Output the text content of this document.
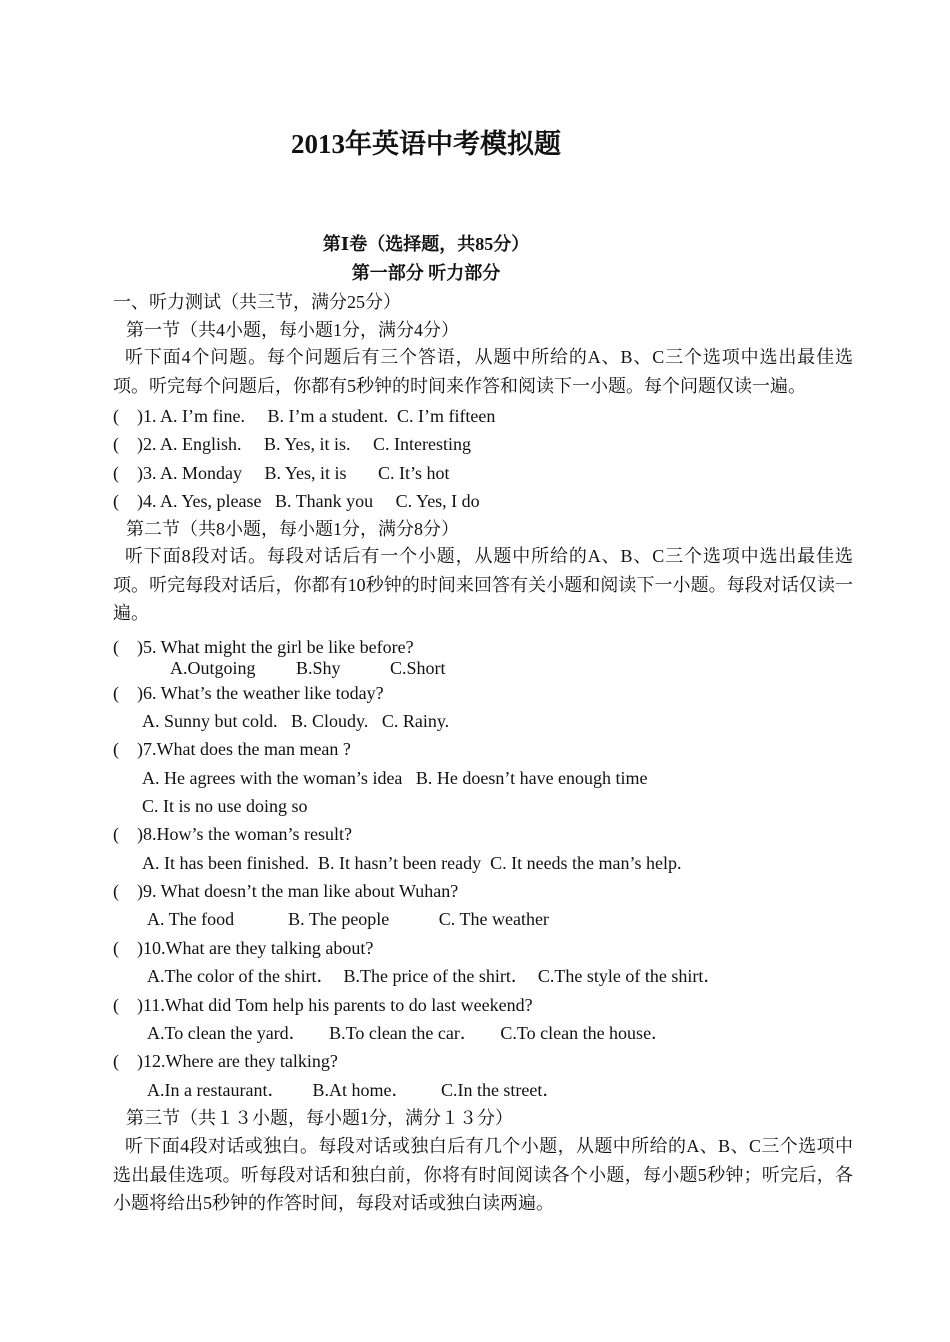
2013年英语中考模拟题
第Ⅰ卷（选择题，共85分）
第一部分 听力部分
一、听力测试（共三节，满分25分）
第一节（共4小题，每小题1分，满分4分）
听下面4个问题。每个问题后有三个答语，从题中所给的A、B、C三个选项中选出最佳选项。听完每个问题后，你都有5秒钟的时间来作答和阅读下一小题。每个问题仅读一遍。
(    )1. A. I’m fine.     B. I’m a student.  C. I’m fifteen
(    )2. A. English.     B. Yes, it is.     C. Interesting
(    )3. A. Monday     B. Yes, it is       C. It’s hot
(    )4. A. Yes, please   B. Thank you     C. Yes, I do
第二节（共8小题，每小题1分，满分8分）
听下面8段对话。每段对话后有一个小题，从题中所给的A、B、C三个选项中选出最佳选项。听完每段对话后，你都有10秒钟的时间来回答有关小题和阅读下一小题。每段对话仅读一遍。
(    )5. What might the girl be like before?
A.Outgoing         B.Shy           C.Short
(    )6. What’s the weather like today?
A. Sunny but cold.   B. Cloudy.   C. Rainy.
(    )7.What does the man mean ?
A. He agrees with the woman’s idea   B. He doesn’t have enough time
C. It is no use doing so
(    )8.How’s the woman’s result?
A. It has been finished.  B. It hasn’t been ready  C. It needs the man’s help.
(    )9. What doesn’t the man like about Wuhan?
A. The food            B. The people           C. The weather
(    )10.What are they talking about?
A.The color of the shirt．  B.The price of the shirt．  C.The style of the shirt．
(    )11.What did Tom help his parents to do last weekend?
A.To clean the yard．     B.To clean the car．     C.To clean the house．
(    )12.Where are they talking?
A.In a restaurant．      B.At home．       C.In the street．
第三节（共１３小题，每小题1分，满分１３分）
听下面4段对话或独白。每段对话或独白后有几个小题，从题中所给的A、B、C三个选项中选出最佳选项。听每段对话和独白前，你将有时间阅读各个小题，每小题5秒钟；听完后，各小题将给出5秒钟的作答时间，每段对话或独白读两遍。
